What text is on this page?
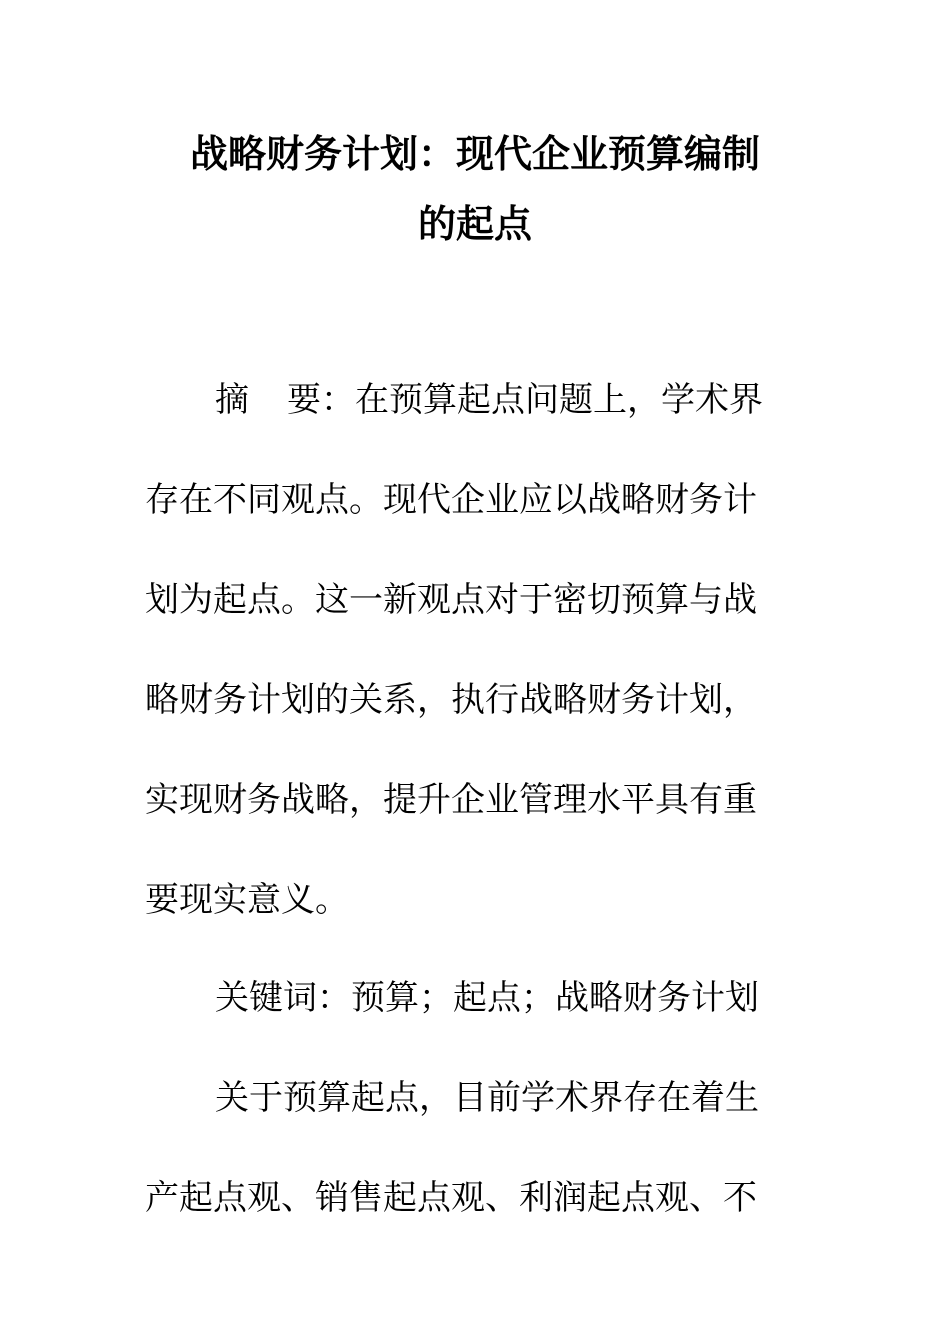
战略财务计划：现代企业预算编制
的起点
摘 要：在预算起点问题上，学术界
存在不同观点。现代企业应以战略财务计
划为起点。这一新观点对于密切预算与战
略财务计划的关系，执行战略财务计划，
实现财务战略，提升企业管理水平具有重
要现实意义。
关键词：预算；起点；战略财务计划
关于预算起点，目前学术界存在着生
产起点观、销售起点观、利润起点观、不
